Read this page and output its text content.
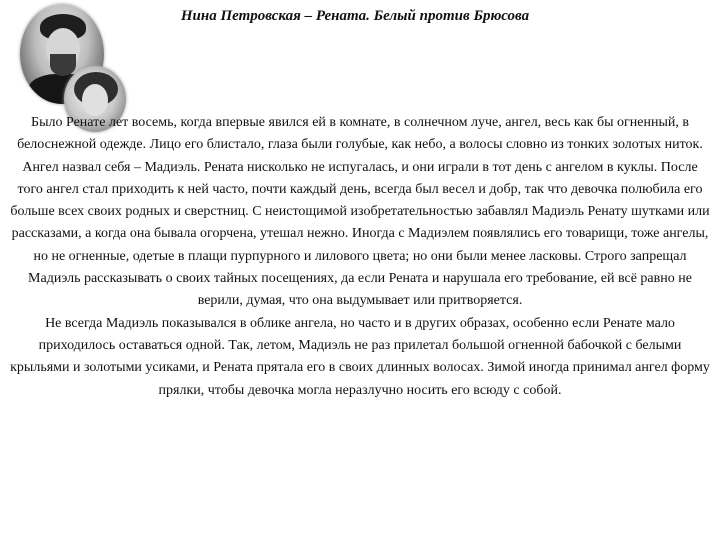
Нина Петровская – Рената. Белый против Брюсова

Было Ренате лет восемь, когда впервые явился ей в комнате, в солнечном луче, ангел, весь как бы огненный, в белоснежной одежде. Лицо его блистало, глаза были голубые, как небо, а волосы словно из тонких золотых ниток. Ангел назвал себя – Мадиэль. Рената нисколько не испугалась, и они играли в тот день с ангелом в куклы. После того ангел стал приходить к ней часто, почти каждый день, всегда был весел и добр, так что девочка полюбила его больше всех своих родных и сверстниц. С неистощимой изобретательностью забавлял Мадиэль Ренату шутками или рассказами, а когда она бывала огорчена, утешал нежно. Иногда с Мадиэлем появлялись его товарищи, тоже ангелы, но не огненные, одетые в плащи пурпурного и лилового цвета; но они были менее ласковы. Строго запрещал Мадиэль рассказывать о своих тайных посещениях, да если Рената и нарушала его требование, ей всё равно не верили, думая, что она выдумывает или притворяется.

Не всегда Мадиэль показывался в облике ангела, но часто и в других образах, особенно если Ренате мало приходилось оставаться одной. Так, летом, Мадиэль не раз прилетал большой огненной бабочкой с белыми крыльями и золотыми усиками, и Рената прятала его в своих длинных волосах. Зимой иногда принимал ангел форму прялки, чтобы девочка могла неразлучно носить его всюду с собой.
